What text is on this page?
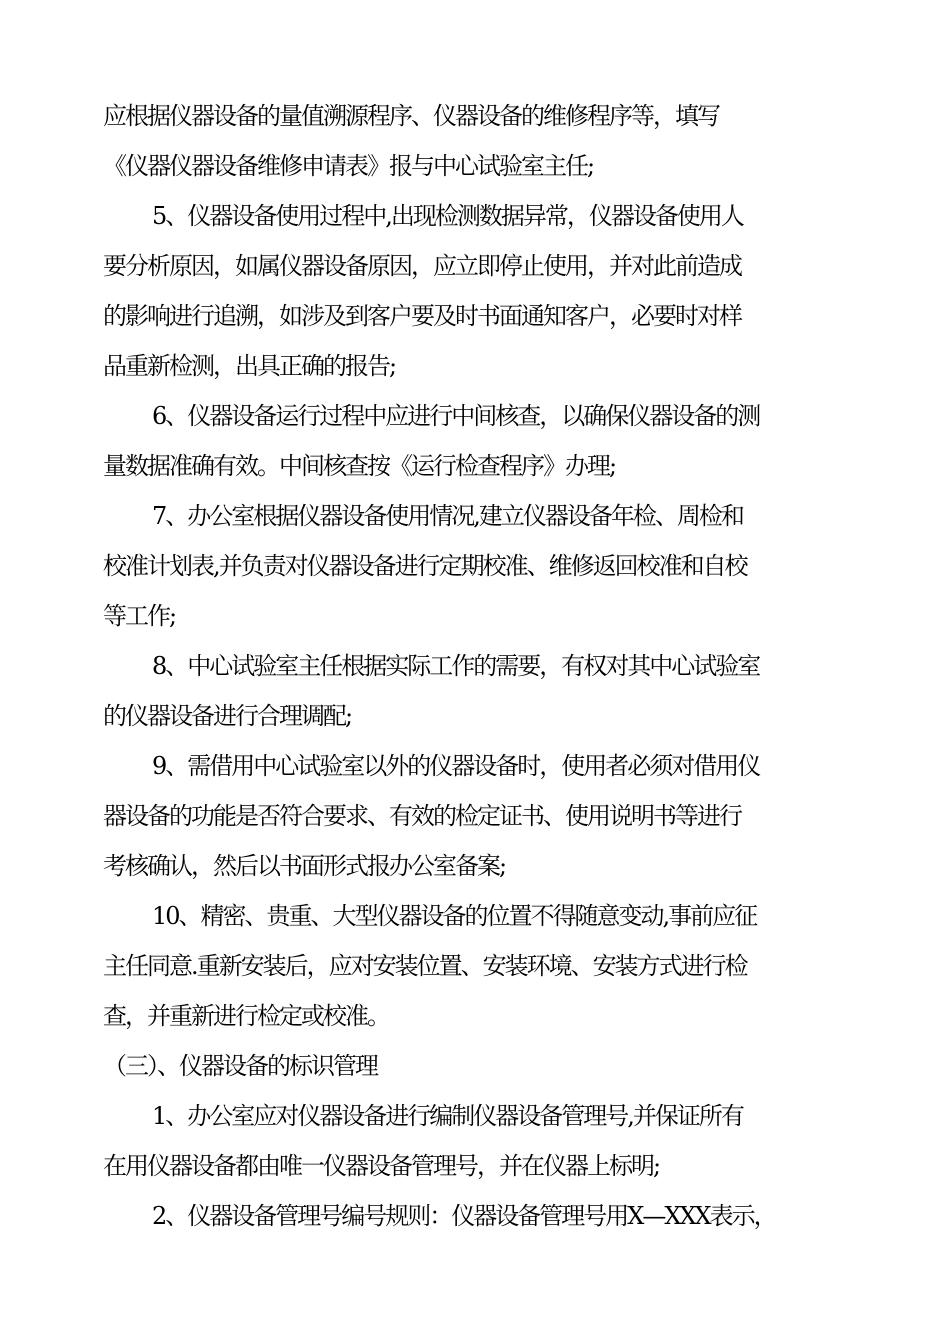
应根据仪器设备的量值溯源程序、仪器设备的维修程序等，填写
《仪器仪器设备维修申请表》报与中心试验室主任;
5、仪器设备使用过程中,出现检测数据异常，仪器设备使用人
要分析原因，如属仪器设备原因，应立即停止使用，并对此前造成
的影响进行追溯，如涉及到客户要及时书面通知客户，必要时对样
品重新检测，出具正确的报告;
6、仪器设备运行过程中应进行中间核查，以确保仪器设备的测
量数据准确有效。中间核查按《运行检查程序》办理;
7、办公室根据仪器设备使用情况,建立仪器设备年检、周检和
校准计划表,并负责对仪器设备进行定期校准、维修返回校准和自校
等工作;
8、中心试验室主任根据实际工作的需要，有权对其中心试验室
的仪器设备进行合理调配;
9、需借用中心试验室以外的仪器设备时，使用者必须对借用仪
器设备的功能是否符合要求、有效的检定证书、使用说明书等进行
考核确认，然后以书面形式报办公室备案;
10、精密、贵重、大型仪器设备的位置不得随意变动,事前应征
主任同意.重新安装后，应对安装位置、安装环境、安装方式进行检
查，并重新进行检定或校准。
（三）、仪器设备的标识管理
1、办公室应对仪器设备进行编制仪器设备管理号,并保证所有
在用仪器设备都由唯一仪器设备管理号，并在仪器上标明;
2、仪器设备管理号编号规则：仪器设备管理号用X—XXX表示，
